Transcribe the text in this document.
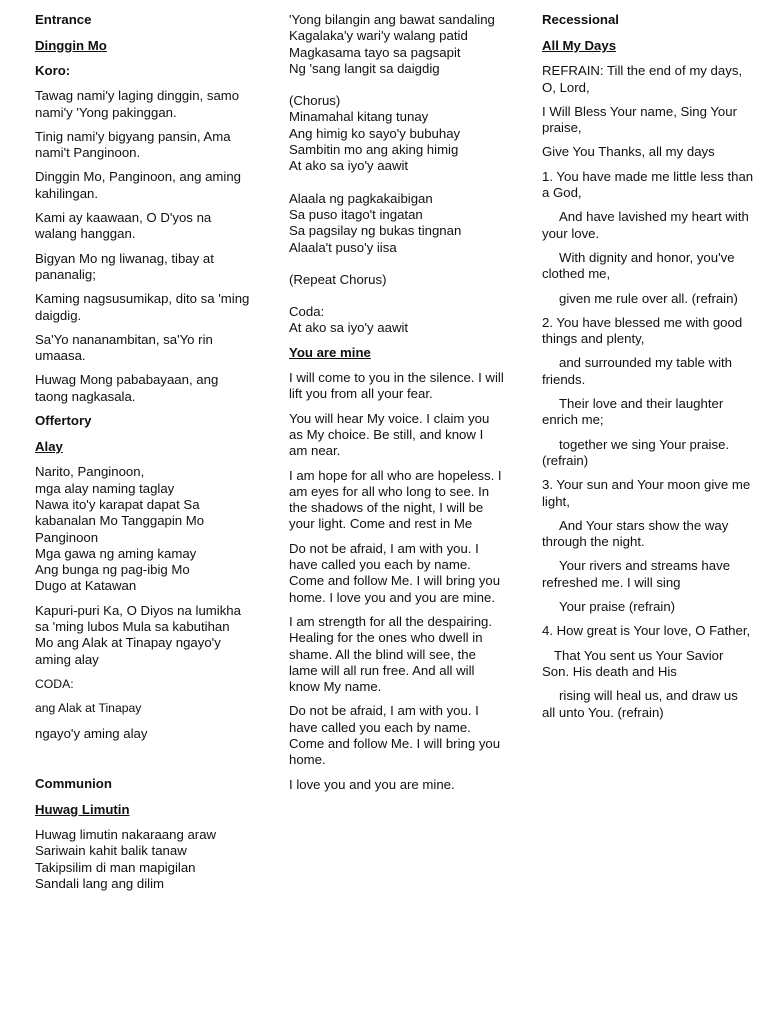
Entrance
Dinggin Mo
Koro:
Tawag nami'y laging dinggin, samo nami'y 'Yong pakinggan.
Tinig nami'y bigyang pansin, Ama nami't Panginoon.
Dinggin Mo, Panginoon, ang aming kahilingan.
Kami ay kaawaan, O D'yos na walang hanggan.
Bigyan Mo ng liwanag, tibay at pananalig;
Kaming nagsusumikap, dito sa 'ming daigdig.
Sa'Yo nananambitan, sa'Yo rin umaasa.
Huwag Mong pababayaan, ang taong nagkasala.
Offertory
Alay
Narito, Panginoon,
mga alay naming taglay
Nawa ito'y karapat dapat Sa
kabanalan Mo Tanggapin Mo
Panginoon
Mga gawa ng aming kamay
Ang bunga ng pag-ibig Mo
Dugo at Katawan
Kapuri-puri Ka, O Diyos na lumikha sa 'ming lubos Mula sa kabutihan Mo ang Alak at Tinapay ngayo'y aming alay
CODA:
ang Alak at Tinapay
ngayo'y aming alay
Communion
Huwag Limutin
Huwag limutin nakaraang araw
Sariwain kahit balik tanaw
Takipsilim di man mapigilan
Sandali lang ang dilim
'Yong bilangin ang bawat sandaling
Kagalaka'y wari'y walang patid
Magkasama tayo sa pagsapit
Ng 'sang langit sa daigdig
(Chorus)
Minamahal kitang tunay
Ang himig ko sayo'y bubuhay
Sambitin mo ang aking himig
At ako sa iyo'y aawit
Alaala ng pagkakaibigan
Sa puso itago't ingatan
Sa pagsilay ng bukas tingnan
Alaala't puso'y iisa
(Repeat Chorus)
Coda:
At ako sa iyo'y aawit
You are mine
I will come to you in the silence. I will lift you from all your fear.
You will hear My voice. I claim you as My choice. Be still, and know I am near.
I am hope for all who are hopeless. I am eyes for all who long to see. In the shadows of the night, I will be your light. Come and rest in Me
Do not be afraid, I am with you. I have called you each by name. Come and follow Me. I will bring you home. I love you and you are mine.
I am strength for all the despairing. Healing for the ones who dwell in shame. All the blind will see, the lame will all run free. And all will know My name.
Do not be afraid, I am with you. I have called you each by name. Come and follow Me. I will bring you home.
I love you and you are mine.
Recessional
All My Days
REFRAIN: Till the end of my days, O, Lord,
I Will Bless Your name, Sing Your praise,
Give You Thanks, all my days
1. You have made me little less than a God,
And have lavished my heart with your love.
With dignity and honor, you've clothed me,
given me rule over all. (refrain)
2. You have blessed me with good things and plenty,
and surrounded my table with friends.
Their love and their laughter enrich me;
together we sing Your praise. (refrain)
3. Your sun and Your moon give me light,
And Your stars show the way through the night.
Your rivers and streams have refreshed me. I will sing
Your praise (refrain)
4. How great is Your love, O Father,
That You sent us Your Savior Son. His death and His
rising will heal us, and draw us all unto You. (refrain)
